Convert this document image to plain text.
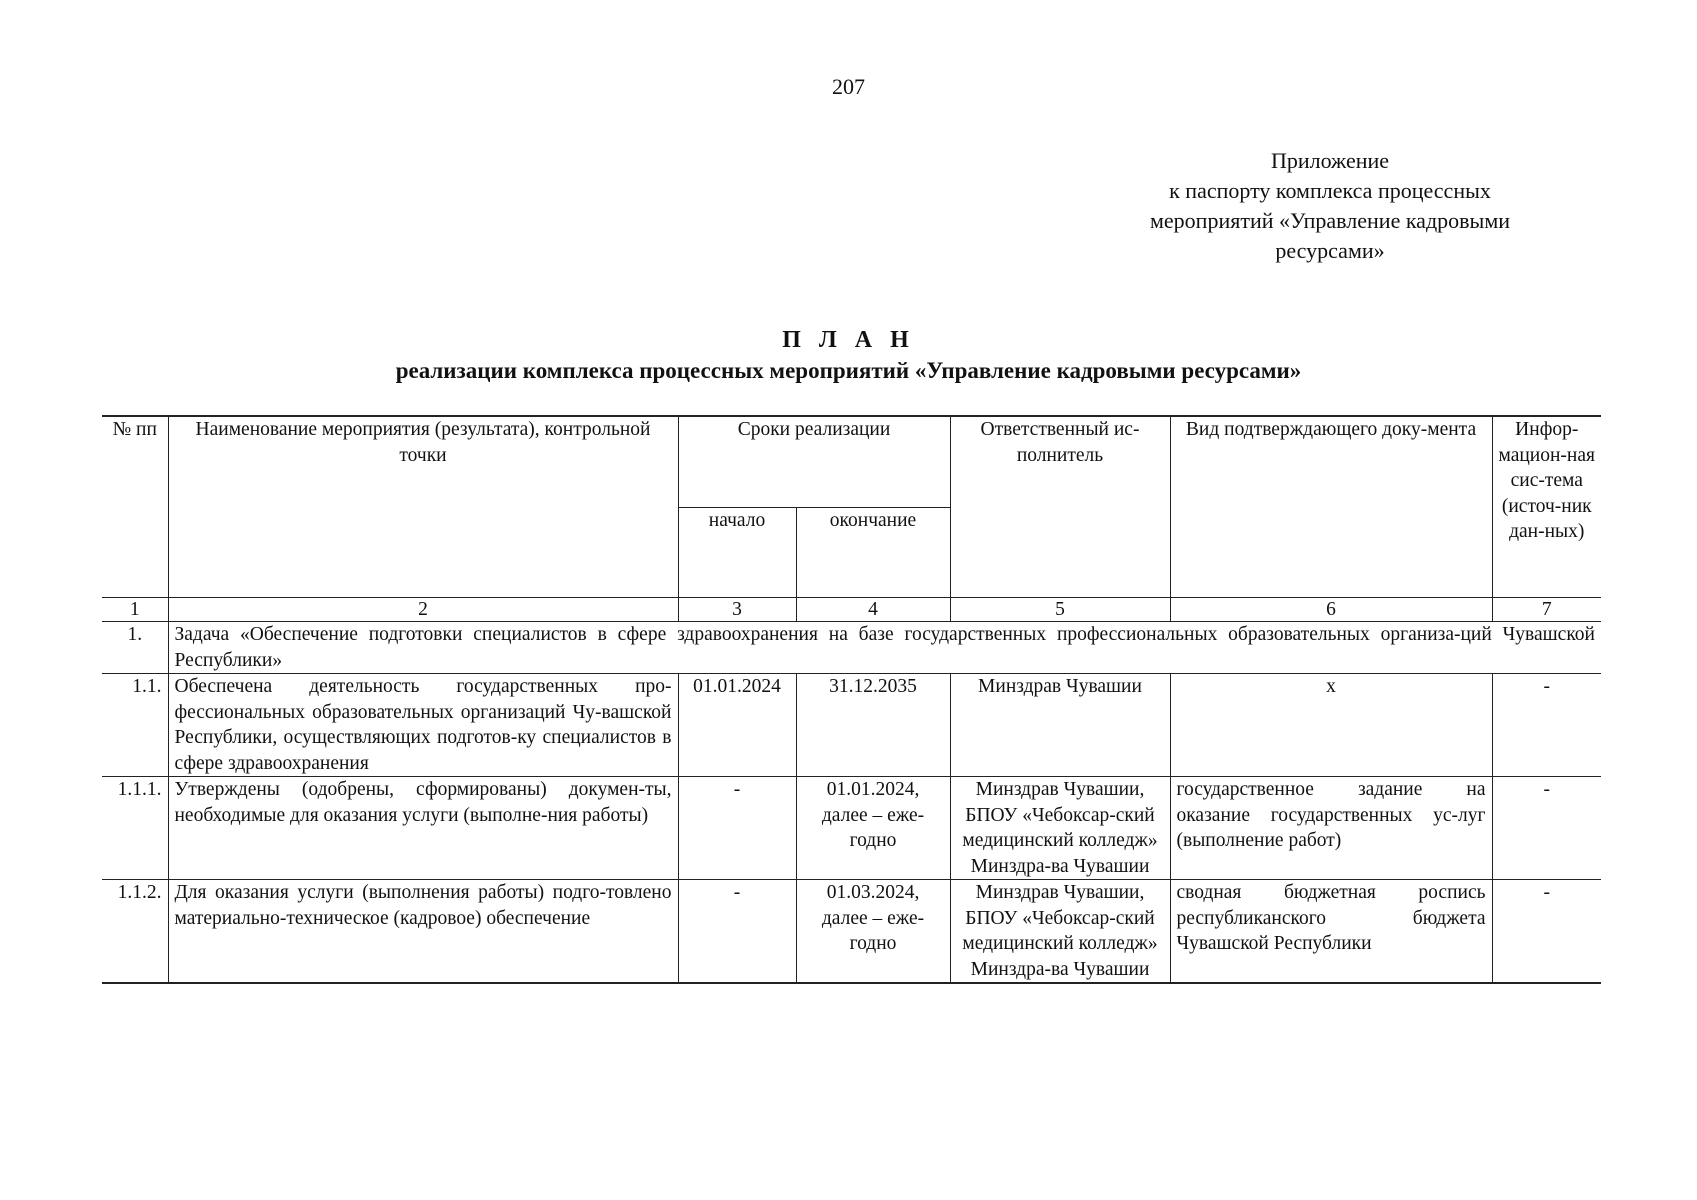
207
Приложение
к паспорту комплекса процессных
мероприятий «Управление кадровыми
ресурсами»
П Л А Н
реализации комплекса процессных мероприятий «Управление кадровыми ресурсами»
№ пп	Наименование мероприятия (результата), контрольной точки	Сроки реализации		Ответственный ис-полнитель	Вид подтверждающего доку-мента	Инфор-мацион-ная сис-тема (источ-ник дан-ных)
		начало	окончание			
1	2	3	4	5	6	7
1.	Задача «Обеспечение подготовки специалистов в сфере здравоохранения на базе государственных профессиональных образовательных организа-ций Чувашской Республики»					
1.1.	Обеспечена деятельность государственных про-фессиональных образовательных организаций Чу-вашской Республики, осуществляющих подготов-ку специалистов в сфере здравоохранения	01.01.2024	31.12.2035	Минздрав Чувашии	х	-
1.1.1.	Утверждены (одобрены, сформированы) докумен-ты, необходимые для оказания услуги (выполне-ния работы)	-	01.01.2024, далее – еже-годно	Минздрав Чувашии, БПОУ «Чебоксар-ский медицинский колледж» Минздра-ва Чувашии	государственное задание на оказание государственных ус-луг (выполнение работ)	-
1.1.2.	Для оказания услуги (выполнения работы) подго-товлено материально-техническое (кадровое) обеспечение	-	01.03.2024, далее – еже-годно	Минздрав Чувашии, БПОУ «Чебоксар-ский медицинский колледж» Минздра-ва Чувашии	сводная бюджетная роспись республиканского бюджета Чувашской Республики	-
